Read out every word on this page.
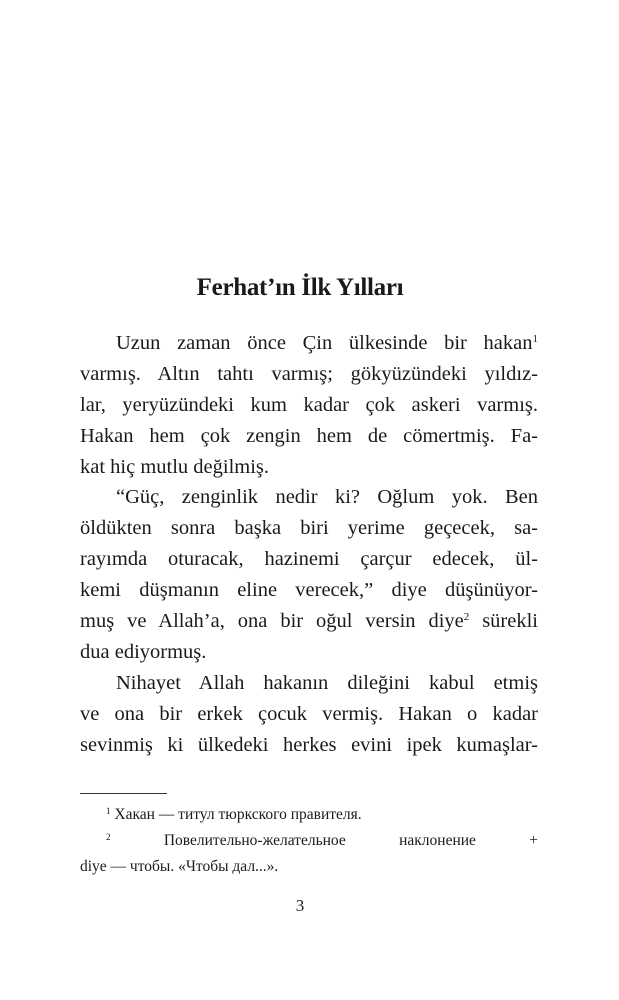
Ferhat’ın İlk Yılları
Uzun zaman önce Çin ülkesinde bir hakan$^1$
varmış. Altın tahtı varmış; gökyüzündeki yıldız-
lar, yeryüzündeki kum kadar çok askeri varmış.
Hakan hem çok zengin hem de cömertmiş. Fa-
kat hiç mutlu değilmiş.
“Güç, zenginlik nedir ki? Oğlum yok. Ben
öldükten sonra başka biri yerime geçecek, sa-
rayımda oturacak, hazinemi çarçur edecek, ül-
kemi düşmanın eline verecek,” diye düşünüyor-
muş ve Allah’a, ona bir oğul versin diye$^2$ sürekli
dua ediyormuş.
Nihayet Allah hakanın dileğini kabul etmiş
ve ona bir erkek çocuk vermiş. Hakan o kadar
sevinmiş ki ülkedeki herkes evini ipek kumaşlar-
$^1$ Хакан — титул тюркского правителя.
$^2$ Повелительно-желательное наклонение +
diye — чтобы. «Чтобы дал...».
3
